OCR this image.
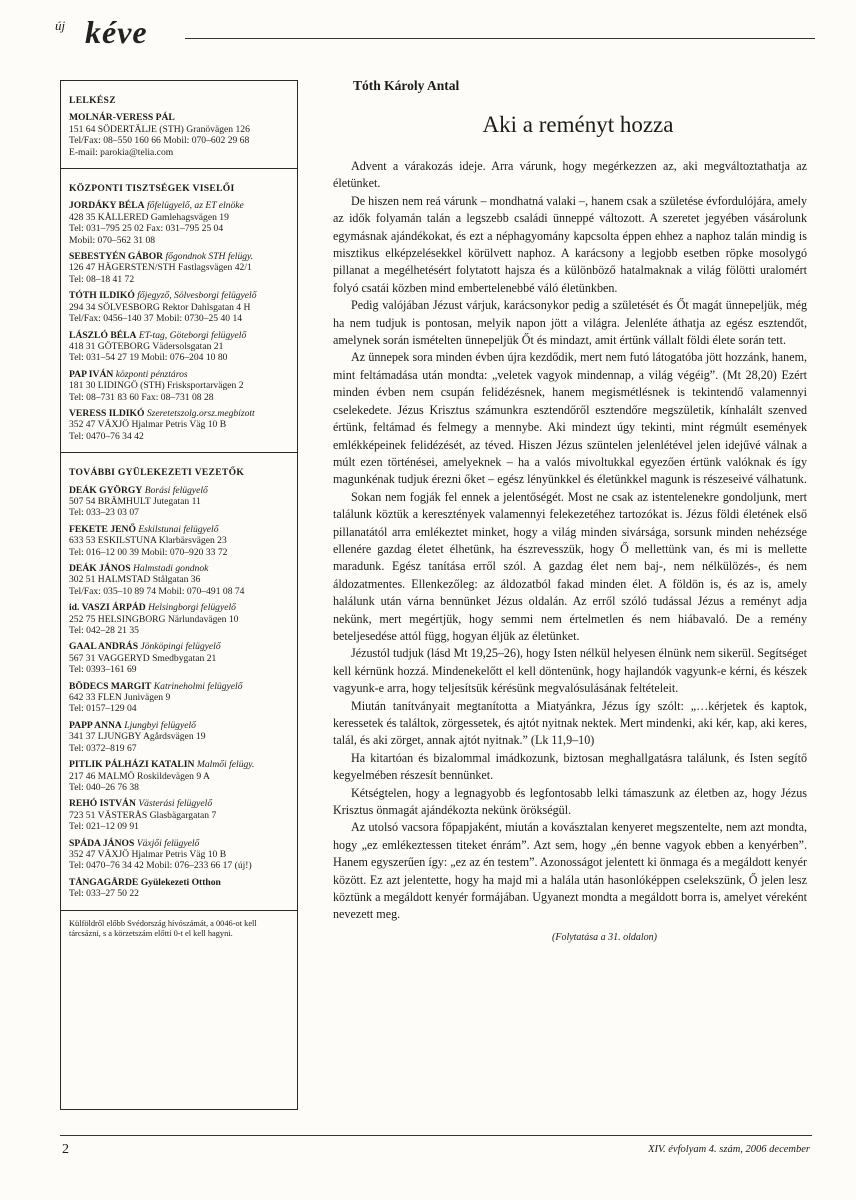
új kéve
LELKÉSZ
MOLNÁR-VERESS PÁL
151 64 SÖDERTÄLJE (STH) Granövägen 126
Tel/Fax: 08–550 160 66 Mobil: 070–602 29 68
E-mail: parokia@telia.com
KÖZPONTI TISZTSÉGEK VISELŐI
JORDÁKY BÉLA főfelügyelő, az ET elnöke
428 35 KÅLLERED Gamlehagsvägen 19
Tel: 031–795 25 02 Fax: 031–795 25 04
Mobil: 070–562 31 08
SEBESTYÉN GÁBOR főgondnok STH felügy.
126 47 HÄGERSTEN/STH Fastlagsvägen 42/1
Tel: 08–18 41 72
TÓTH ILDIKÓ főjegyző, Sölvesborgi felügyelő
294 34 SÖLVESBORG Rektor Dahlsgatan 4 H
Tel/Fax: 0456–140 37 Mobil: 0730–25 40 14
LÁSZLÓ BÉLA ET-tag, Göteborgi felügyelő
418 31 GÖTEBORG Vädersolsgatan 21
Tel: 031–54 27 19 Mobil: 076–204 10 80
PAP IVÁN központi pénztáros
181 30 LIDINGÖ (STH) Frisksportarvägen 2
Tel: 08–731 83 60 Fax: 08–731 08 28
VERESS ILDIKÓ Szeretetszolg.orsz.megbízott
352 47 VÄXJÖ Hjalmar Petris Väg 10 B
Tel: 0470–76 34 42
TOVÁBBI GYÜLEKEZETI VEZETŐK
DEÁK GYÖRGY Borási felügyelő
507 54 BRÄMHULT Jutegatan 11
Tel: 033–23 03 07
FEKETE JENŐ Eskilstunai felügyelő
633 53 ESKILSTUNA Klarbärsvägen 23
Tel: 016–12 00 39 Mobil: 070–920 33 72
DEÁK JÁNOS Halmstadi gondnok
302 51 HALMSTAD Stålgatan 36
Tel/Fax: 035–10 89 74 Mobil: 070–491 08 74
id. VASZI ÁRPÁD Helsingborgi felügyelő
252 75 HELSINGBORG Närlundavägen 10
Tel: 042–28 21 35
GAAL ANDRÁS Jönköpingi felügyelő
567 31 VAGGERYD Smedbygatan 21
Tel: 0393–161 69
BÖDECS MARGIT Katrineholmi felügyelő
642 33 FLEN Junivägen 9
Tel: 0157–129 04
PAPP ANNA Ljungbyi felügyelő
341 37 LJUNGBY Agårdsvägen 19
Tel: 0372–819 67
PITLIK PÁLHÁZI KATALIN Malmői felügy.
217 46 MALMÖ Roskildevägen 9 A
Tel: 040–26 76 38
REHÓ ISTVÁN Västerási felügyelő
723 51 VÄSTERÅS Glasbägargatan 7
Tel: 021–12 09 91
SPÁDA JÁNOS Växjői felügyelő
352 47 VÄXJÖ Hjalmar Petris Väg 10 B
Tel: 0470–76 34 42 Mobil: 076–233 66 17 (új!)
TÅNGAGÅRDE Gyülekezeti Otthon
Tel: 033–27 50 22
Külföldről előbb Svédország hívószámát, a 0046-ot kell tárcsázni, s a körzetszám előtti 0-t el kell hagyni.
Tóth Károly Antal
Aki a reményt hozza

Advent a várakozás ideje. Arra várunk, hogy megérkezzen az, aki megváltoztathatja az életünket.

De hiszen nem reá várunk – mondhatná valaki –, hanem csak a születése évfordulójára, amely az idők folyamán talán a legszebb családi ünneppé változott. A szeretet jegyében vásárolunk egymásnak ajándékokat, és ezt a néphagyomány kapcsolta éppen ehhez a naphoz talán mindig is misztikus elképzelésekkel körülvett naphoz. A karácsony a legjobb esetben röpke mosolygó pillanat a megélhetésért folytatott hajsza és a különböző hatalmaknak a világ fölötti uralomért folyó csatái közben mind embertelenebbé váló életünkben.

Pedig valójában Jézust várjuk, karácsonykor pedig a születését és Őt magát ünnepeljük, még ha nem tudjuk is pontosan, melyik napon jött a világra. Jelenléte áthatja az egész esztendőt, amelynek során ismételten ünnepeljük Őt és mindazt, amit értünk vállalt földi élete során tett.

Az ünnepek sora minden évben újra kezdődik, mert nem futó látogatóba jött hozzánk, hanem, mint feltámadása után mondta: „veletek vagyok mindennap, a világ végéig”. (Mt 28,20) Ezért minden évben nem csupán felidézésnek, hanem megismétlésnek is tekintendő valamennyi cselekedete. Jézus Krisztus számunkra esztendőről esztendőre megszületik, kínhalált szenved értünk, feltámad és felmegy a mennybe. Aki mindezt úgy tekinti, mint régmúlt események emlékképeinek felidézését, az téved. Hiszen Jézus szüntelen jelenlétével jelen idejűvé válnak a múlt ezen történései, amelyeknek – ha a valós mivoltukkal egyezően értünk valóknak és így magunkénak tudjuk érezni őket – egész lényünkkel és életünkkel magunk is részeseivé válhatunk.

Sokan nem fogják fel ennek a jelentőségét. Most ne csak az istentelenekre gondoljunk, mert találunk köztük a keresztények valamennyi felekezetéhez tartozókat is. Jézus földi életének első pillanatától arra emlékeztet minket, hogy a világ minden sivársága, sorsunk minden nehézsége ellenére gazdag életet élhetünk, ha észrevesszük, hogy Ő mellettünk van, és mi is mellette maradunk. Egész tanítása erről szól. A gazdag élet nem baj-, nem nélkülözés-, és nem áldozatmentes. Ellenkezőleg: az áldozatból fakad minden élet. A földön is, és az is, amely halálunk után várna bennünket Jézus oldalán. Az erről szóló tudással Jézus a reményt adja nekünk, mert megértjük, hogy semmi nem értelmetlen és nem hiábavaló. De a remény beteljesedése attól függ, hogyan éljük az életünket.

Jézustól tudjuk (lásd Mt 19,25–26), hogy Isten nélkül helyesen élnünk nem sikerül. Segítséget kell kérnünk hozzá. Mindenekelőtt el kell döntenünk, hogy hajlandók vagyunk-e kérni, és készek vagyunk-e arra, hogy teljesítsük kérésünk megvalósulásának feltételeit.

Miután tanítványait megtanította a Miatyánkra, Jézus így szólt: „…kérjetek és kaptok, keressetek és találtok, zörgessetek, és ajtót nyitnak nektek. Mert mindenki, aki kér, kap, aki keres, talál, és aki zörget, annak ajtót nyitnak.” (Lk 11,9–10)

Ha kitartóan és bizalommal imádkozunk, biztosan meghallgatásra találunk, és Isten segítő kegyelmében részesít bennünket.

Kétségtelen, hogy a legnagyobb és legfontosabb lelki támaszunk az életben az, hogy Jézus Krisztus önmagát ajándékozta nekünk örökségül.

Az utolsó vacsora főpapjaként, miután a kovásztalan kenyeret megszentelte, nem azt mondta, hogy „ez emlékeztessen titeket énrám”. Azt sem, hogy „én benne vagyok ebben a kenyérben”. Hanem egyszerűen így: „ez az én testem”. Azonosságot jelentett ki önmaga és a megáldott kenyér között. Ez azt jelentette, hogy ha majd mi a halála után hasonlóképpen cselekszünk, Ő jelen lesz köztünk a megáldott kenyér formájában. Ugyanezt mondta a megáldott borra is, amelyet véreként nevezett meg.

(Folytatása a 31. oldalon)
2	XIV. évfolyam 4. szám, 2006 december
